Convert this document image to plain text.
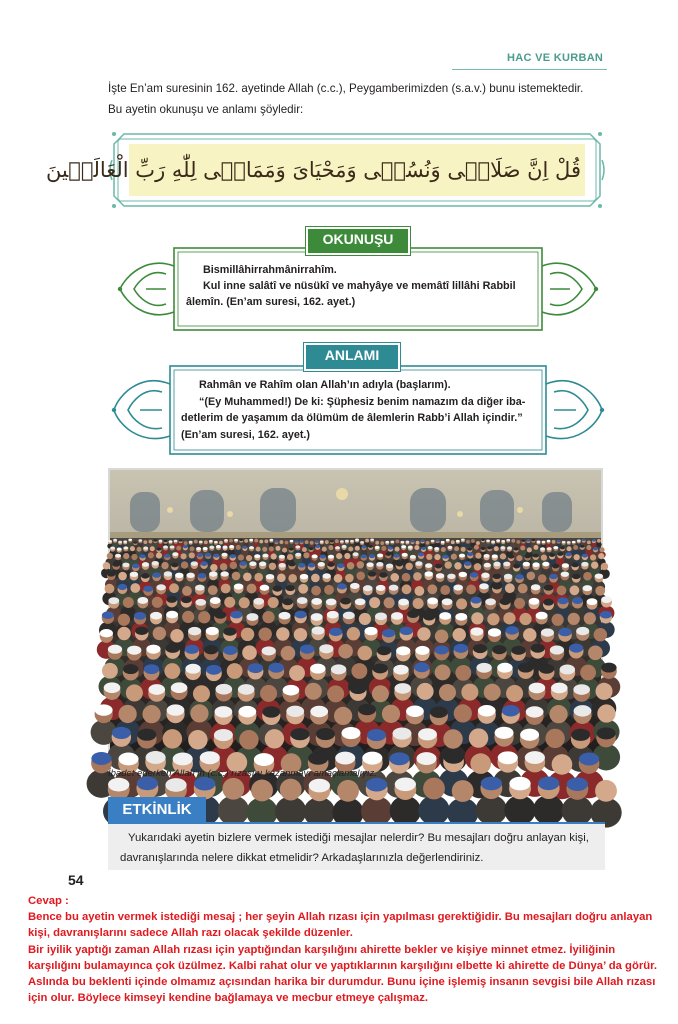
HAC VE KURBAN
İşte En’am suresinin 162. ayetinde Allah (c.c.), Peygamberimizden (s.a.v.) bunu istemektedir.
Bu ayetin okunuşu ve anlamı şöyledir:
قُلْ اِنَّ صَلَاتٖى وَنُسُكٖى وَمَحْيَاىَ وَمَمَاتٖى لِلّٰهِ رَبِّ الْعَالَمٖينَ
OKUNUŞU
Bismillâhirrahmânirrahîm.
Kul inne salâtî ve nüsükî ve mahyâye ve memâtî lillâhi Rabbil
âlemîn. (En’am suresi, 162. ayet.)
ANLAMI
Rahmân ve Rahîm olan Allah’ın adıyla (başlarım).
“(Ey Muhammed!) De ki: Şüphesiz benim namazım da diğer iba-
detlerim de yaşamım da ölümüm de âlemlerin Rabb’i Allah içindir.”
(En’am suresi, 162. ayet.)
İbadet ederken Allah’ın (c.c.) rızasını kazanmayı amaçlamalıyız.
ETKİNLİK
Yukarıdaki ayetin bizlere vermek istediği mesajlar nelerdir? Bu mesajları doğru anlayan kişi, davranışlarında nelere dikkat etmelidir? Arkadaşlarınızla değerlendiriniz.
54

Cevap :

Bence bu ayetin vermek istediği mesaj ; her şeyin Allah rızası için yapılması gerektiğidir. Bu mesajları doğru anlayan kişi, davranışlarını sadece Allah razı olacak şekilde düzenler.

Bir iyilik yaptığı zaman Allah rızası için yaptığından karşılığını ahirette bekler ve kişiye minnet etmez. İyiliğinin karşılığını bulamayınca çok üzülmez. Kalbi rahat olur ve yaptıklarının karşılığını elbette ki ahirette de Dünya’ da görür. Aslında bu beklenti içinde olmamız açısından harika bir durumdur. Bunu içine işlemiş insanın sevgisi bile Allah rızası için olur. Böylece kimseyi kendine bağlamaya ve mecbur etmeye çalışmaz.
